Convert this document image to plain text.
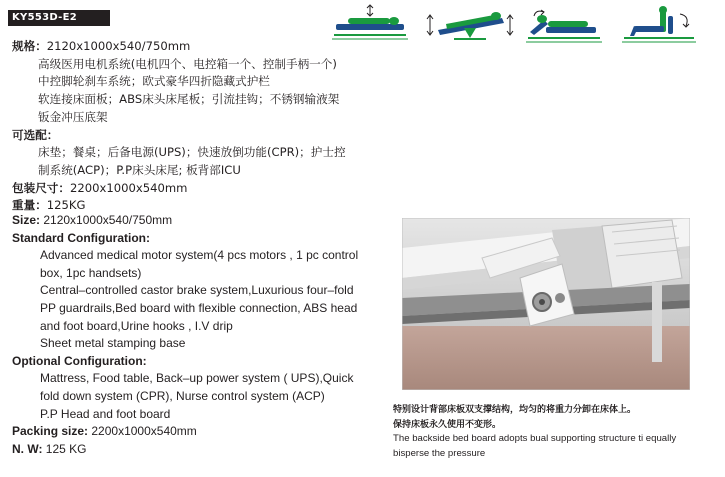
KY553D-E2
规格：2120x1000x540/750mm
高级医用电机系统(电机四个、电控箱一个、控制手柄一个)
中控脚轮刹车系统；欧式豪华四折隐藏式护栏
软连接床面板；ABS床头床尾板；引流挂钩；不锈钢输液架
钣金冲压底架
可选配：
床垫；餐桌；后备电源(UPS)；快速放倒功能(CPR)；护士控
制系统(ACP)；P.P床头床尾; 板背部ICU
包装尺寸：2200x1000x540mm
重量：125KG
Size: 2120x1000x540/750mm
Standard Configuration:
Advanced medical motor system(4 pcs motors , 1 pc control
box, 1pc handsets)
Central–controlled castor brake system,Luxurious four–fold
PP guardrails,Bed board with flexible connection, ABS head
and foot board,Urine hooks , I.V drip
Sheet metal stamping base
Optional Configuration:
Mattress, Food table, Back–up power system ( UPS),Quick
fold down system (CPR), Nurse control system (ACP)
P.P Head and foot board
Packing size: 2200x1000x540mm
N. W: 125 KG
特别设计背部床板双支撑结构，均匀的将重力分卸在床体上。
保持床板永久使用不变形。
The backside bed board adopts bual supporting structure ti equally
bisperse the pressure
